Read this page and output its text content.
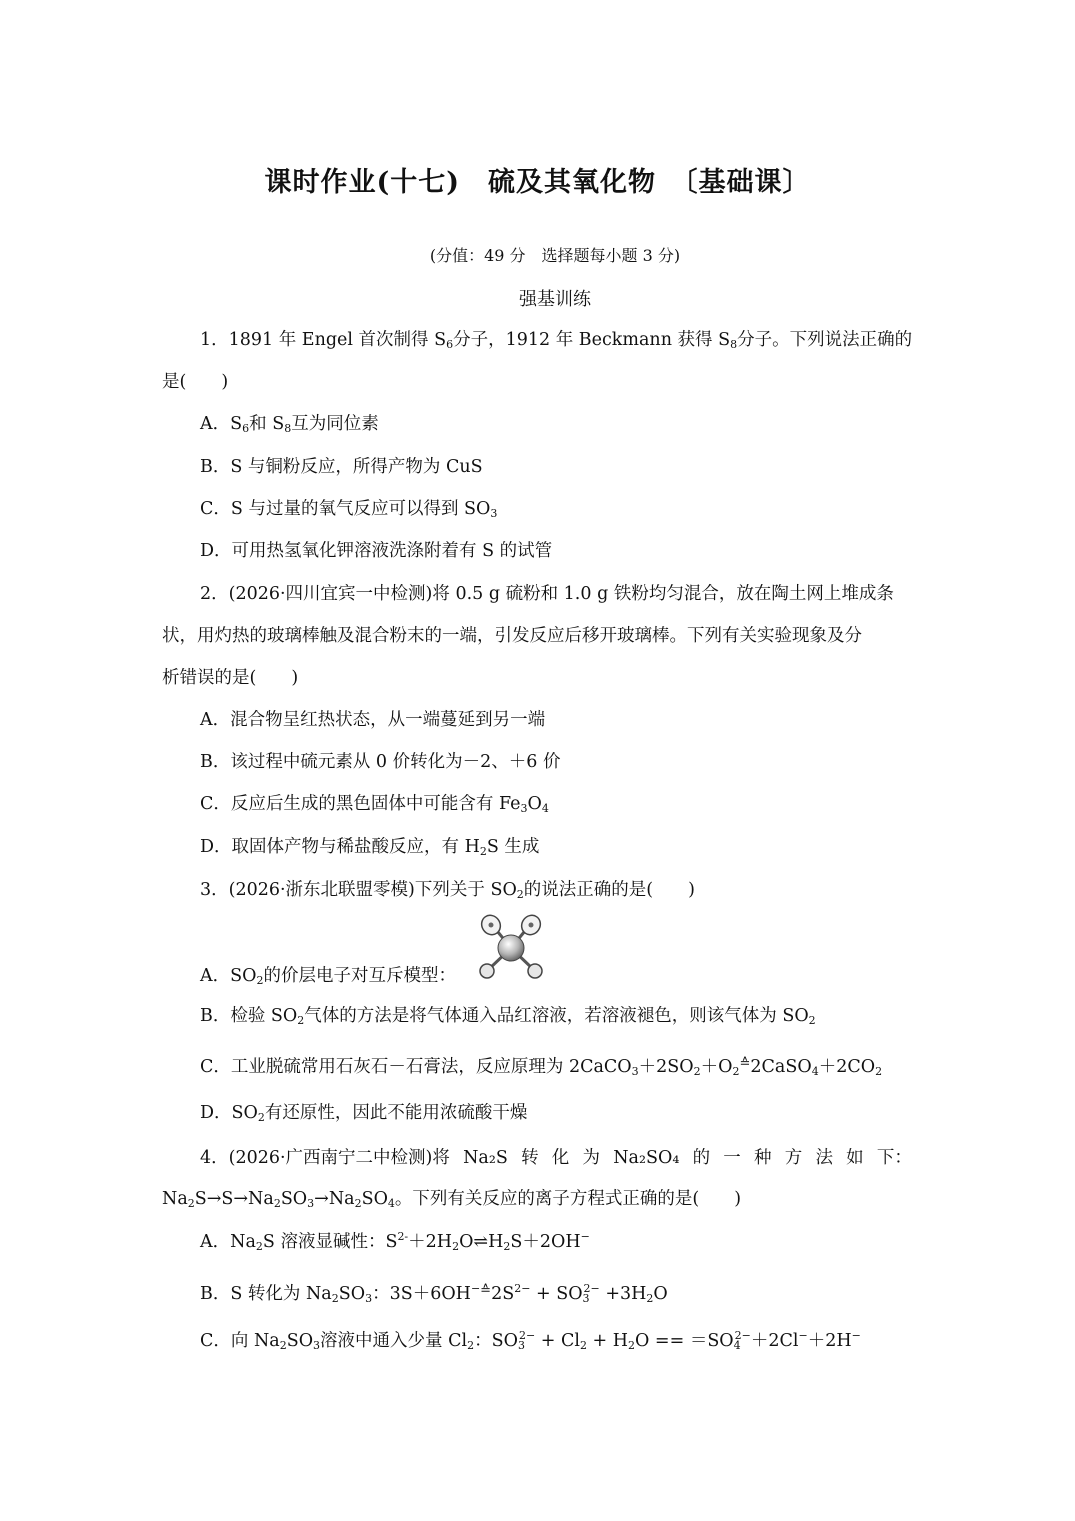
课时作业(十七)　硫及其氧化物　〔基础课〕
(分值：49 分　选择题每小题 3 分)
强基训练
1．1891 年 Engel 首次制得 $S_6$分子，1912 年 Beckmann 获得 $S_8$分子。下列说法正确的
是(　　)
A．$S_6$和 $S_8$互为同位素
B．S 与铜粉反应，所得产物为 CuS
C．S 与过量的氧气反应可以得到 $SO_3$
D．可用热氢氧化钾溶液洗涤附着有 S 的试管
2．(2026·四川宜宾一中检测)将 0.5 g 硫粉和 1.0 g 铁粉均匀混合，放在陶土网上堆成条
状，用灼热的玻璃棒触及混合粉末的一端，引发反应后移开玻璃棒。下列有关实验现象及分
析错误的是(　　)
A．混合物呈红热状态，从一端蔓延到另一端
B．该过程中硫元素从 0 价转化为－2、＋6 价
C．反应后生成的黑色固体中可能含有 $Fe_3O_4$
D．取固体产物与稀盐酸反应，有 $H_2S$ 生成
3．(2026·浙东北联盟零模)下列关于 $SO_2$的说法正确的是(　　)
A．$SO_2$的价层电子对互斥模型：
B．检验 $SO_2$气体的方法是将气体通入品红溶液，若溶液褪色，则该气体为 $SO_2$
C．工业脱硫常用石灰石－石膏法，反应原理为 $2CaCO_3+2SO_2+O_2^≙2CaSO_4+2CO_2$
D．$SO_2$有还原性，因此不能用浓硫酸干燥
4．(2026·广西南宁二中检测)将 Na₂S 转 化 为 Na₂SO₄ 的 一 种 方 法 如 下：
$Na_2S\to S\to Na_2SO_3\to Na_2SO_4$。下列有关反应的离子方程式正确的是(　　)
A．$Na_2S$ 溶液显碱性：$S^{2-}+2H_2O\rightleftharpoons H_2S+2OH^-$
B．S 转化为 $Na_2SO_3$：$3S+6OH^{-≙}2S^{2-} + SO_3^{2-} +3H_2O$
C．向 $Na_2SO_3$溶液中通入少量 $Cl_2$：$SO_3^{2-} + Cl_2 + H_2O == =SO_4^{2-}+2Cl^-+2H^-$
